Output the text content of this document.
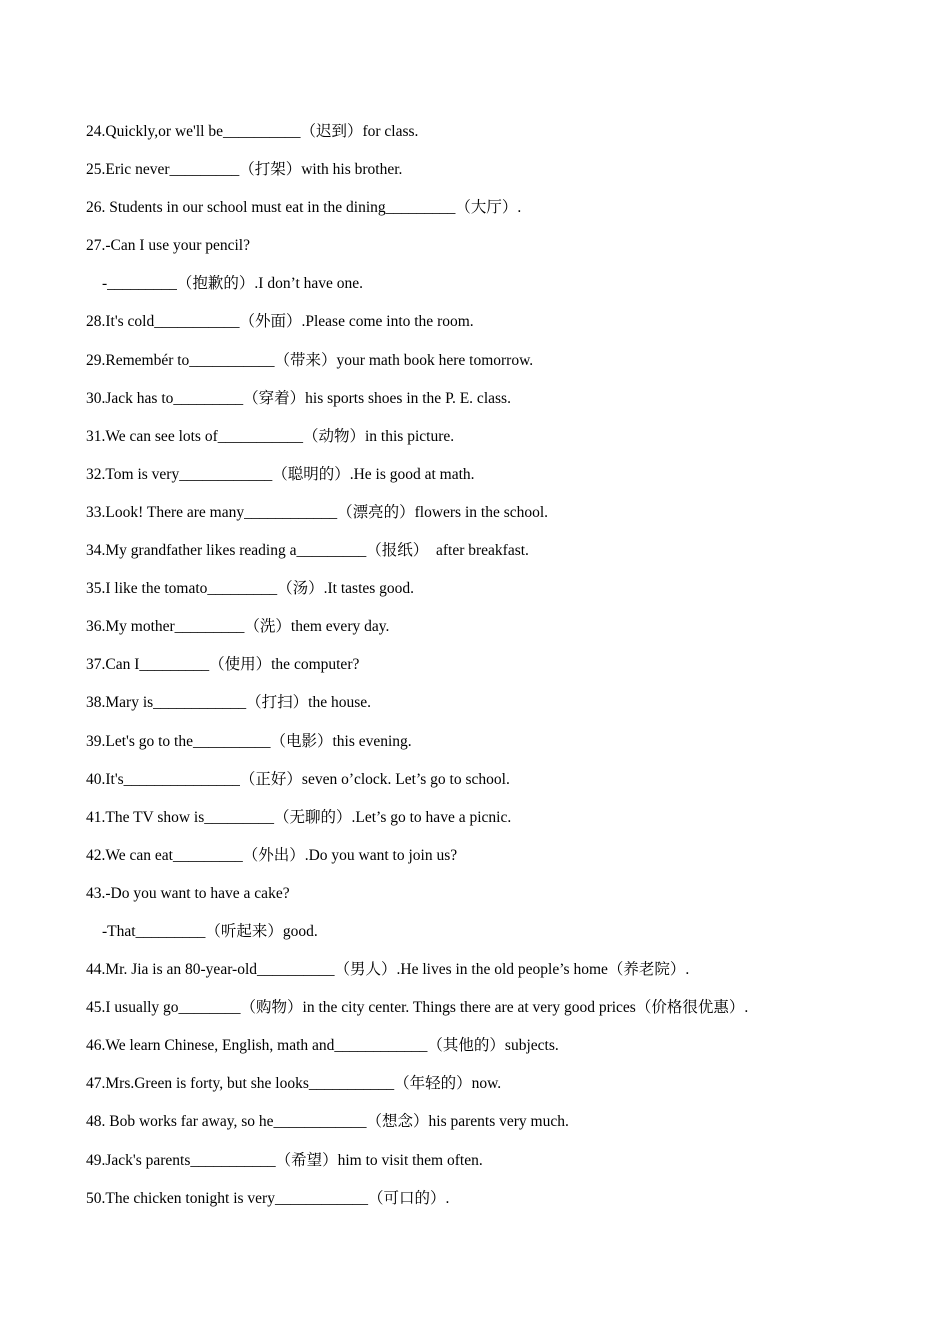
24.Quickly,or we'll be__________（迟到）for class.
25.Eric never_________（打架）with his brother.
26. Students in our school must eat in the dining_________（大厅）.
27.-Can I use your pencil?
-_________（抱歉的）.I don’t have one.
28.It's cold___________（外面）.Please come into the room.
29.Remembér to___________（带来）your math book here tomorrow.
30.Jack has to_________（穿着）his sports shoes in the P. E. class.
31.We can see lots of___________（动物）in this picture.
32.Tom is very____________（聪明的）.He is good at math.
33.Look! There are many____________（漂亮的）flowers in the school.
34.My grandfather likes reading a_________（报纸）  after breakfast.
35.I like the tomato_________（汤）.It tastes good.
36.My mother_________（洗）them every day.
37.Can I_________（使用）the computer?
38.Mary is____________（打扫）the house.
39.Let's go to the__________（电影）this evening.
40.It's_______________（正好）seven o’clock. Let’s go to school.
41.The TV show is_________（无聊的）.Let’s go to have a picnic.
42.We can eat_________（外出）.Do you want to join us?
43.-Do you want to have a cake?
-That_________（听起来）good.
44.Mr. Jia is an 80-year-old__________（男人）.He lives in the old people’s home（养老院）.
45.I usually go________（购物）in the city center. Things there are at very good prices（价格很优惠）.
46.We learn Chinese, English, math and____________（其他的）subjects.
47.Mrs.Green is forty, but she looks___________（年轻的）now.
48. Bob works far away, so he____________（想念）his parents very much.
49.Jack's parents___________（希望）him to visit them often.
50.The chicken tonight is very____________（可口的）.
